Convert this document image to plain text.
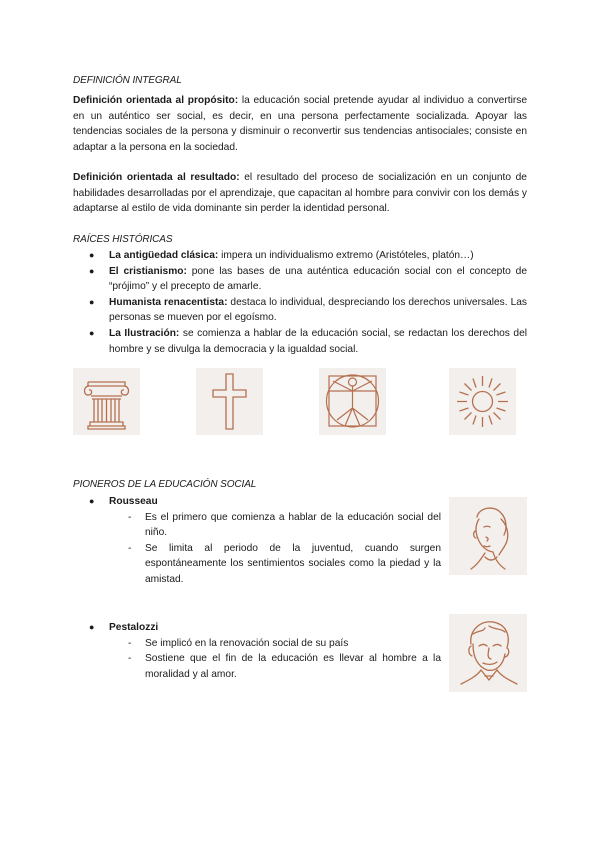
DEFINICIÓN INTEGRAL
Definición orientada al propósito: la educación social pretende ayudar al individuo a convertirse en un auténtico ser social, es decir, en una persona perfectamente socializada. Apoyar las tendencias sociales de la persona y disminuir o reconvertir sus tendencias antisociales; consiste en adaptar a la persona en la sociedad.
Definición orientada al resultado: el resultado del proceso de socialización en un conjunto de habilidades desarrolladas por el aprendizaje, que capacitan al hombre para convivir con los demás y adaptarse al estilo de vida dominante sin perder la identidad personal.
RAÍCES HISTÓRICAS
● La antigüedad clásica: impera un individualismo extremo (Aristóteles, platón…)
● El cristianismo: pone las bases de una auténtica educación social con el concepto de “prójimo” y el precepto de amarle.
● Humanista renacentista: destaca lo individual, despreciando los derechos universales. Las personas se mueven por el egoísmo.
● La Ilustración: se comienza a hablar de la educación social, se redactan los derechos del hombre y se divulga la democracia y la igualdad social.
PIONEROS DE LA EDUCACIÓN SOCIAL
● Rousseau
- Es el primero que comienza a hablar de la educación social del niño.
- Se limita al periodo de la juventud, cuando surgen espontáneamente los sentimientos sociales como la piedad y la amistad.
● Pestalozzi
- Se implicó en la renovación social de su país
- Sostiene que el fin de la educación es llevar al hombre a la moralidad y al amor.
